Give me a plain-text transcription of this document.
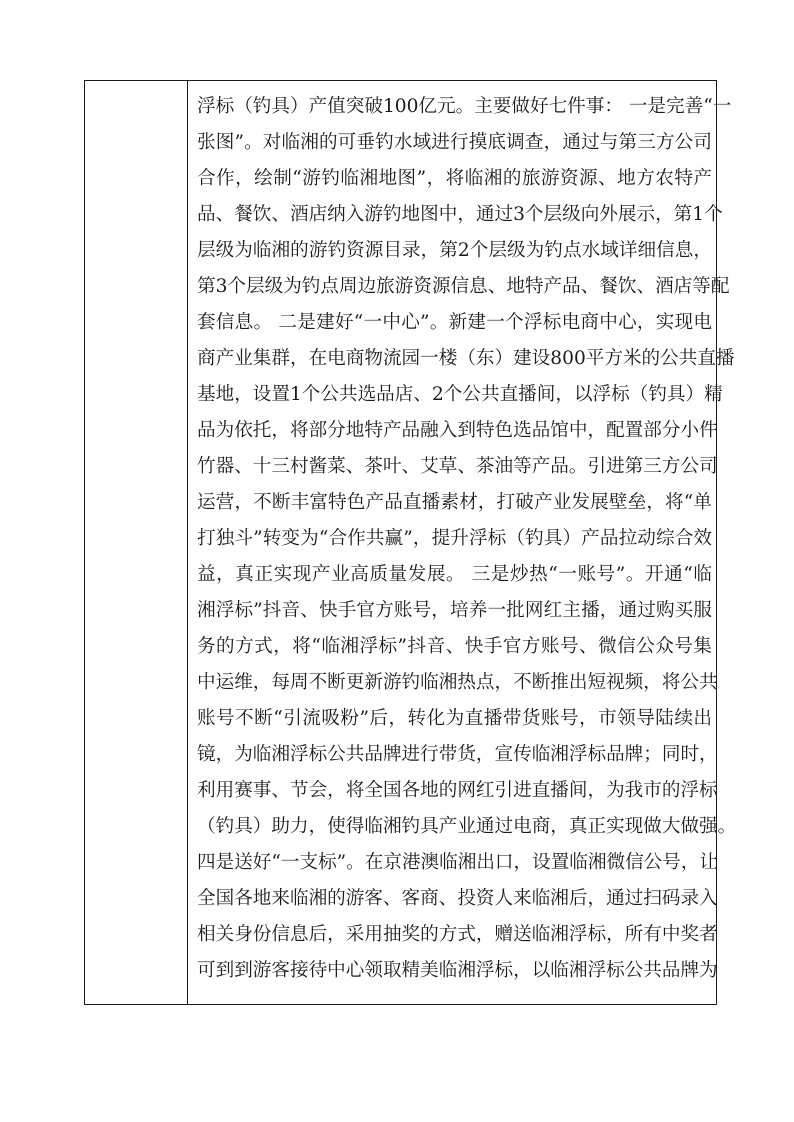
浮标（钓具）产值突破100亿元。主要做好七件事： 一是完善“一
张图”。对临湘的可垂钓水域进行摸底调查，通过与第三方公司
合作，绘制“游钓临湘地图”，将临湘的旅游资源、地方农特产
品、餐饮、酒店纳入游钓地图中，通过3个层级向外展示，第1个
层级为临湘的游钓资源目录，第2个层级为钓点水域详细信息，
第3个层级为钓点周边旅游资源信息、地特产品、餐饮、酒店等配
套信息。 二是建好“一中心”。新建一个浮标电商中心，实现电
商产业集群，在电商物流园一楼（东）建设800平方米的公共直播
基地，设置1个公共选品店、2个公共直播间，以浮标（钓具）精
品为依托，将部分地特产品融入到特色选品馆中，配置部分小件
竹器、十三村酱菜、茶叶、艾草、茶油等产品。引进第三方公司
运营，不断丰富特色产品直播素材，打破产业发展壁垒，将“单
打独斗”转变为“合作共赢”，提升浮标（钓具）产品拉动综合效
益，真正实现产业高质量发展。 三是炒热“一账号”。开通“临
湘浮标”抖音、快手官方账号，培养一批网红主播，通过购买服
务的方式，将“临湘浮标”抖音、快手官方账号、微信公众号集
中运维，每周不断更新游钓临湘热点，不断推出短视频，将公共
账号不断“引流吸粉”后，转化为直播带货账号，市领导陆续出
镜，为临湘浮标公共品牌进行带货，宣传临湘浮标品牌；同时，
利用赛事、节会，将全国各地的网红引进直播间，为我市的浮标
（钓具）助力，使得临湘钓具产业通过电商，真正实现做大做强。
四是送好“一支标”。在京港澳临湘出口，设置临湘微信公号，让
全国各地来临湘的游客、客商、投资人来临湘后，通过扫码录入
相关身份信息后，采用抽奖的方式，赠送临湘浮标，所有中奖者
可到到游客接待中心领取精美临湘浮标，以临湘浮标公共品牌为
